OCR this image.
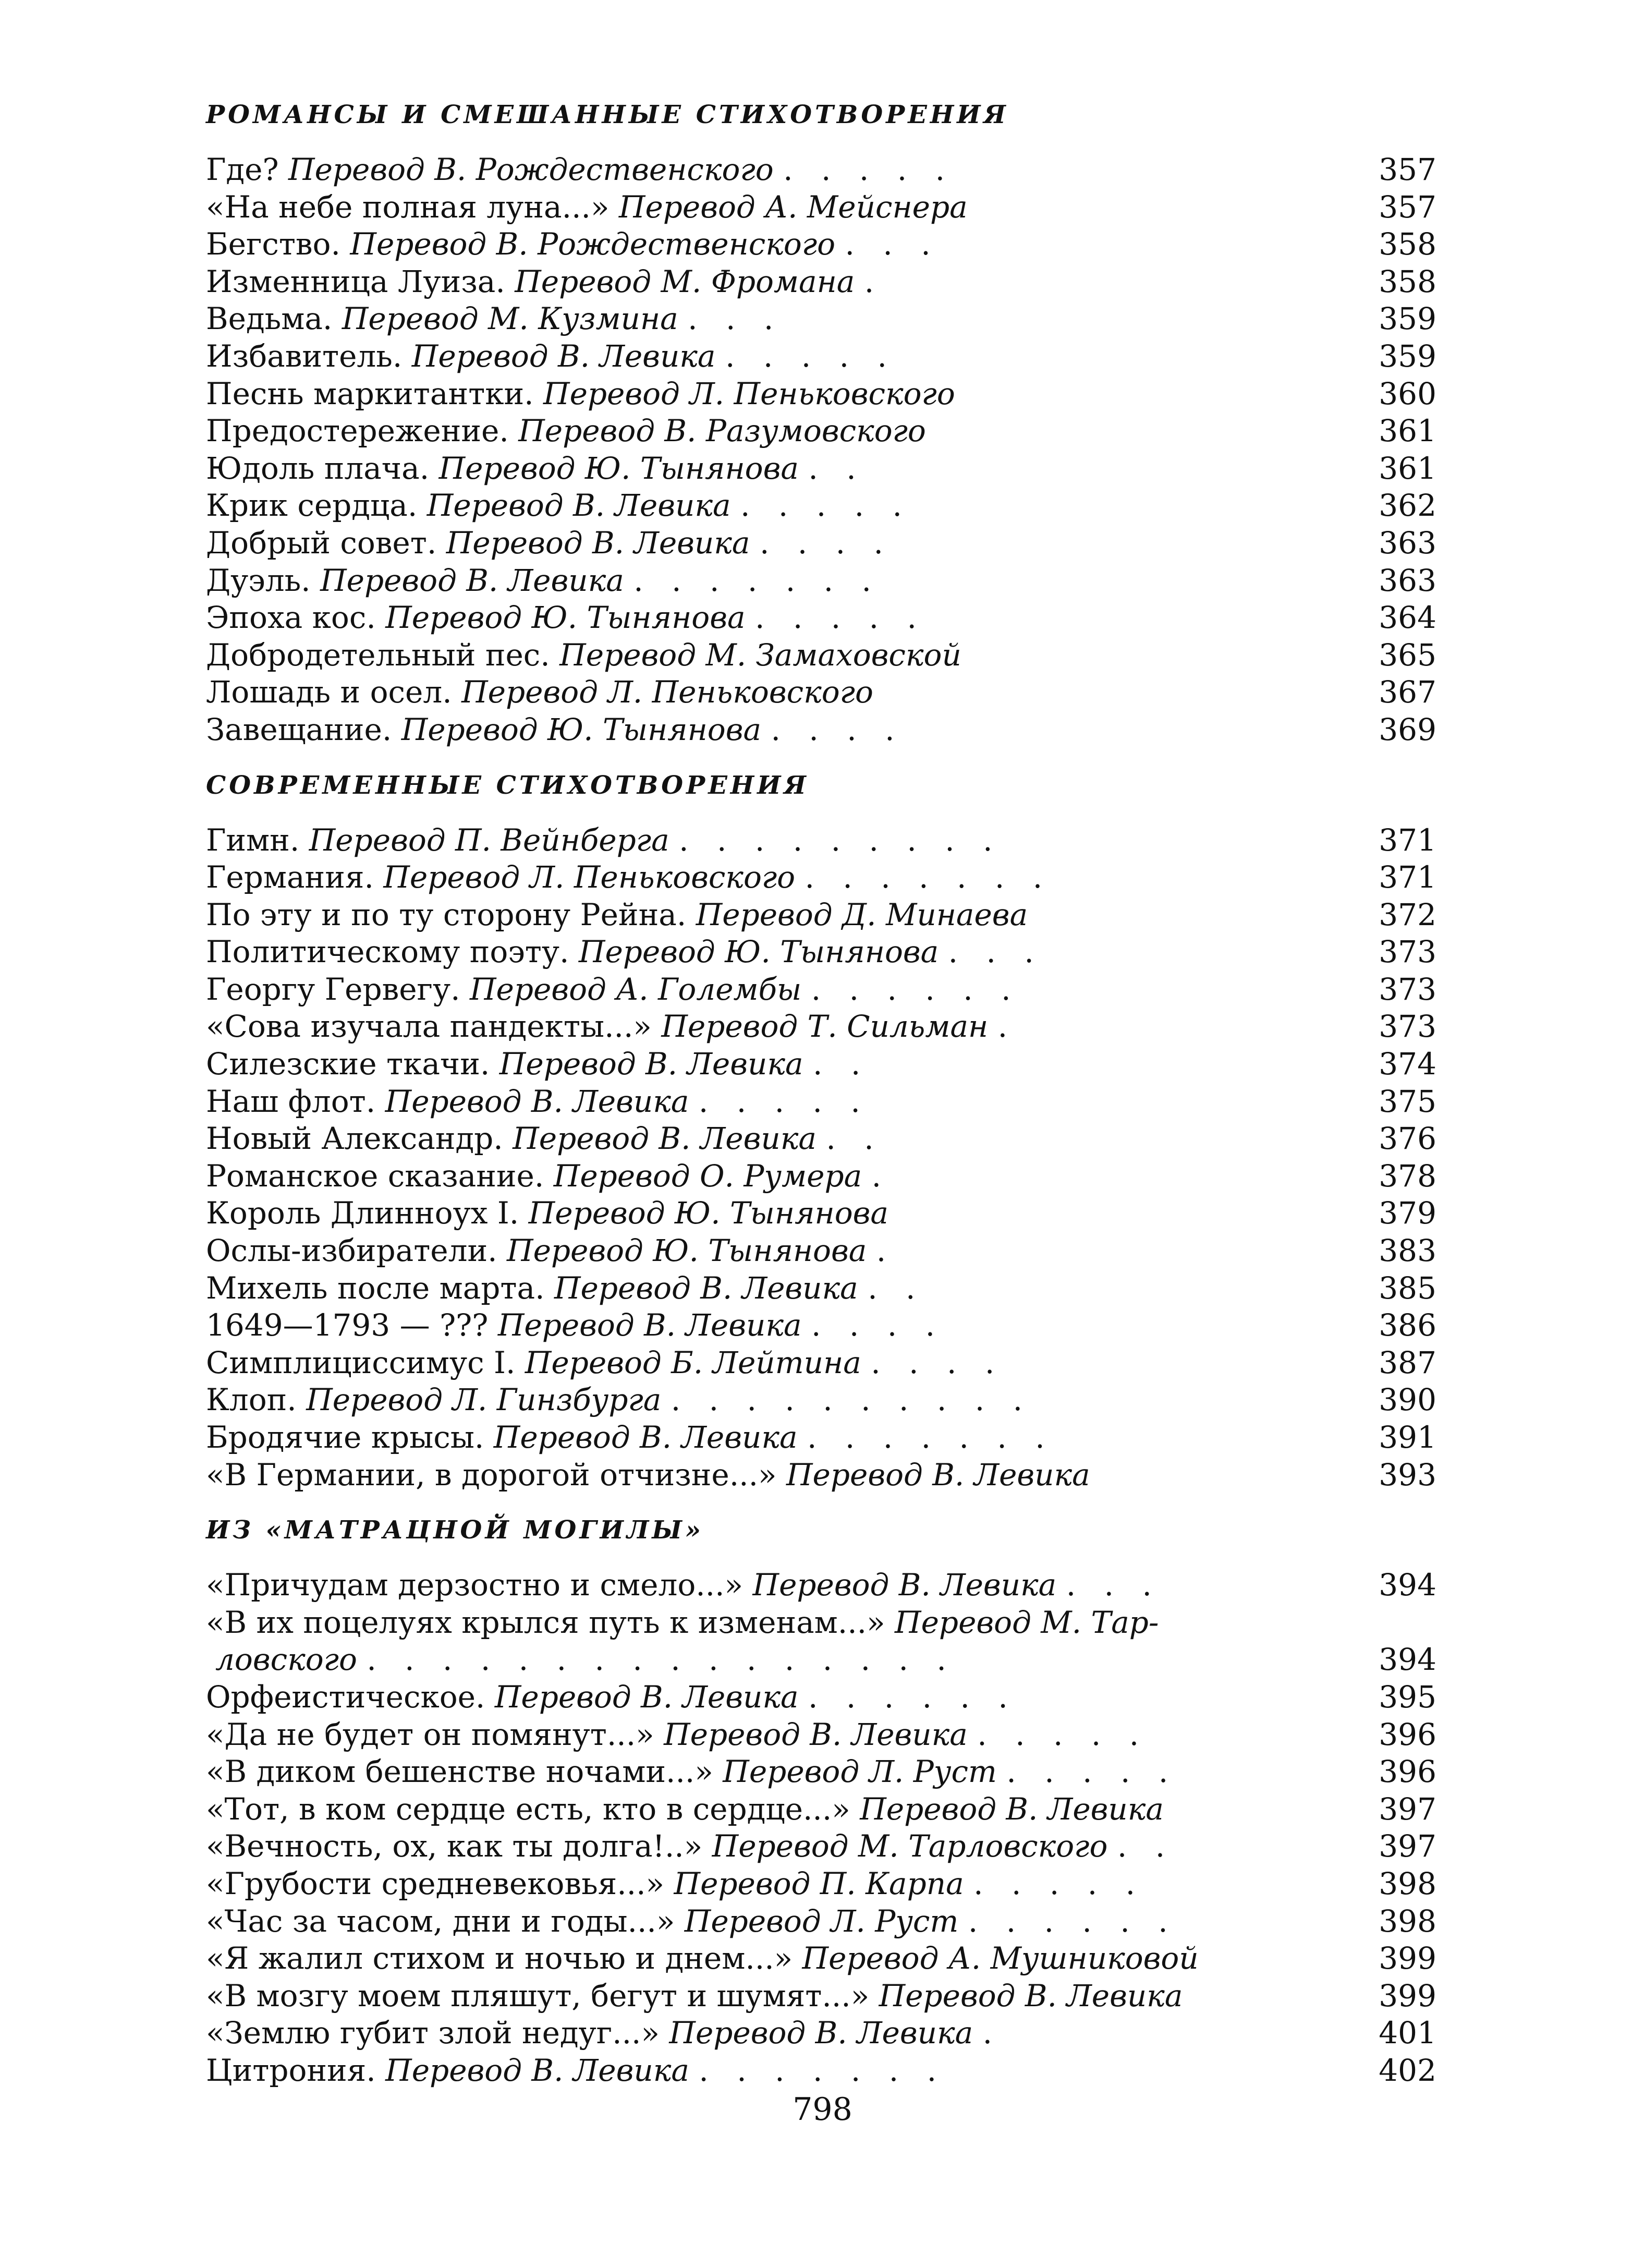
РОМАНСЫ И СМЕШАННЫЕ СТИХОТВОРЕНИЯ
Где? Перевод В. Рождественского . . . . .	357
«На небе полная луна...» Перевод А. Мейснера	357
Бегство. Перевод В. Рождественского . . .	358
Изменница Луиза. Перевод М. Фромана .	358
Ведьма. Перевод М. Кузмина . . .	359
Избавитель. Перевод В. Левика . . . . .	359
Песнь маркитантки. Перевод Л. Пеньковского	360
Предостережение. Перевод В. Разумовского	361
Юдоль плача. Перевод Ю. Тынянова . .	361
Крик сердца. Перевод В. Левика . . . . .	362
Добрый совет. Перевод В. Левика . . . .	363
Дуэль. Перевод В. Левика . . . . . . .	363
Эпоха кос. Перевод Ю. Тынянова . . . . .	364
Добродетельный пес. Перевод М. Замаховской	365
Лошадь и осел. Перевод Л. Пеньковского	367
Завещание. Перевод Ю. Тынянова . . . .	369
СОВРЕМЕННЫЕ СТИХОТВОРЕНИЯ
Гимн. Перевод П. Вейнберга . . . . . . . . .	371
Германия. Перевод Л. Пеньковского . . . . . . .	371
По эту и по ту сторону Рейна. Перевод Д. Минаева	372
Политическому поэту. Перевод Ю. Тынянова . . .	373
Георгу Гервегу. Перевод А. Голембы . . . . . .	373
«Сова изучала пандекты...» Перевод Т. Сильман .	373
Силезские ткачи. Перевод В. Левика . .	374
Наш флот. Перевод В. Левика . . . . .	375
Новый Александр. Перевод В. Левика . .	376
Романское сказание. Перевод О. Румера .	378
Король Длинноух I. Перевод Ю. Тынянова	379
Ослы-избиратели. Перевод Ю. Тынянова .	383
Михель после марта. Перевод В. Левика . .	385
1649—1793 — ??? Перевод В. Левика . . . .	386
Симплициссимус I. Перевод Б. Лейтина . . . .	387
Клоп. Перевод Л. Гинзбурга . . . . . . . . . .	390
Бродячие крысы. Перевод В. Левика . . . . . . .	391
«В Германии, в дорогой отчизне...» Перевод В. Левика	393
ИЗ «МАТРАЦНОЙ МОГИЛЫ»
«Причудам дерзостно и смело...» Перевод В. Левика . . .	394
«В их поцелуях крылся путь к изменам...» Перевод М. Тар-
ловского . . . . . . . . . . . . . . . .	394
Орфеистическое. Перевод В. Левика . . . . . .	395
«Да не будет он помянут...» Перевод В. Левика . . . . .	396
«В диком бешенстве ночами...» Перевод Л. Руст . . . . .	396
«Тот, в ком сердце есть, кто в сердце...» Перевод В. Левика	397
«Вечность, ох, как ты долга!..» Перевод М. Тарловского . .	397
«Грубости средневековья...» Перевод П. Карпа . . . . .	398
«Час за часом, дни и годы...» Перевод Л. Руст . . . . . .	398
«Я жалил стихом и ночью и днем...» Перевод А. Мушниковой	399
«В мозгу моем пляшут, бегут и шумят...» Перевод В. Левика	399
«Землю губит злой недуг...» Перевод В. Левика .	401
Цитрония. Перевод В. Левика . . . . . . .	402
798
